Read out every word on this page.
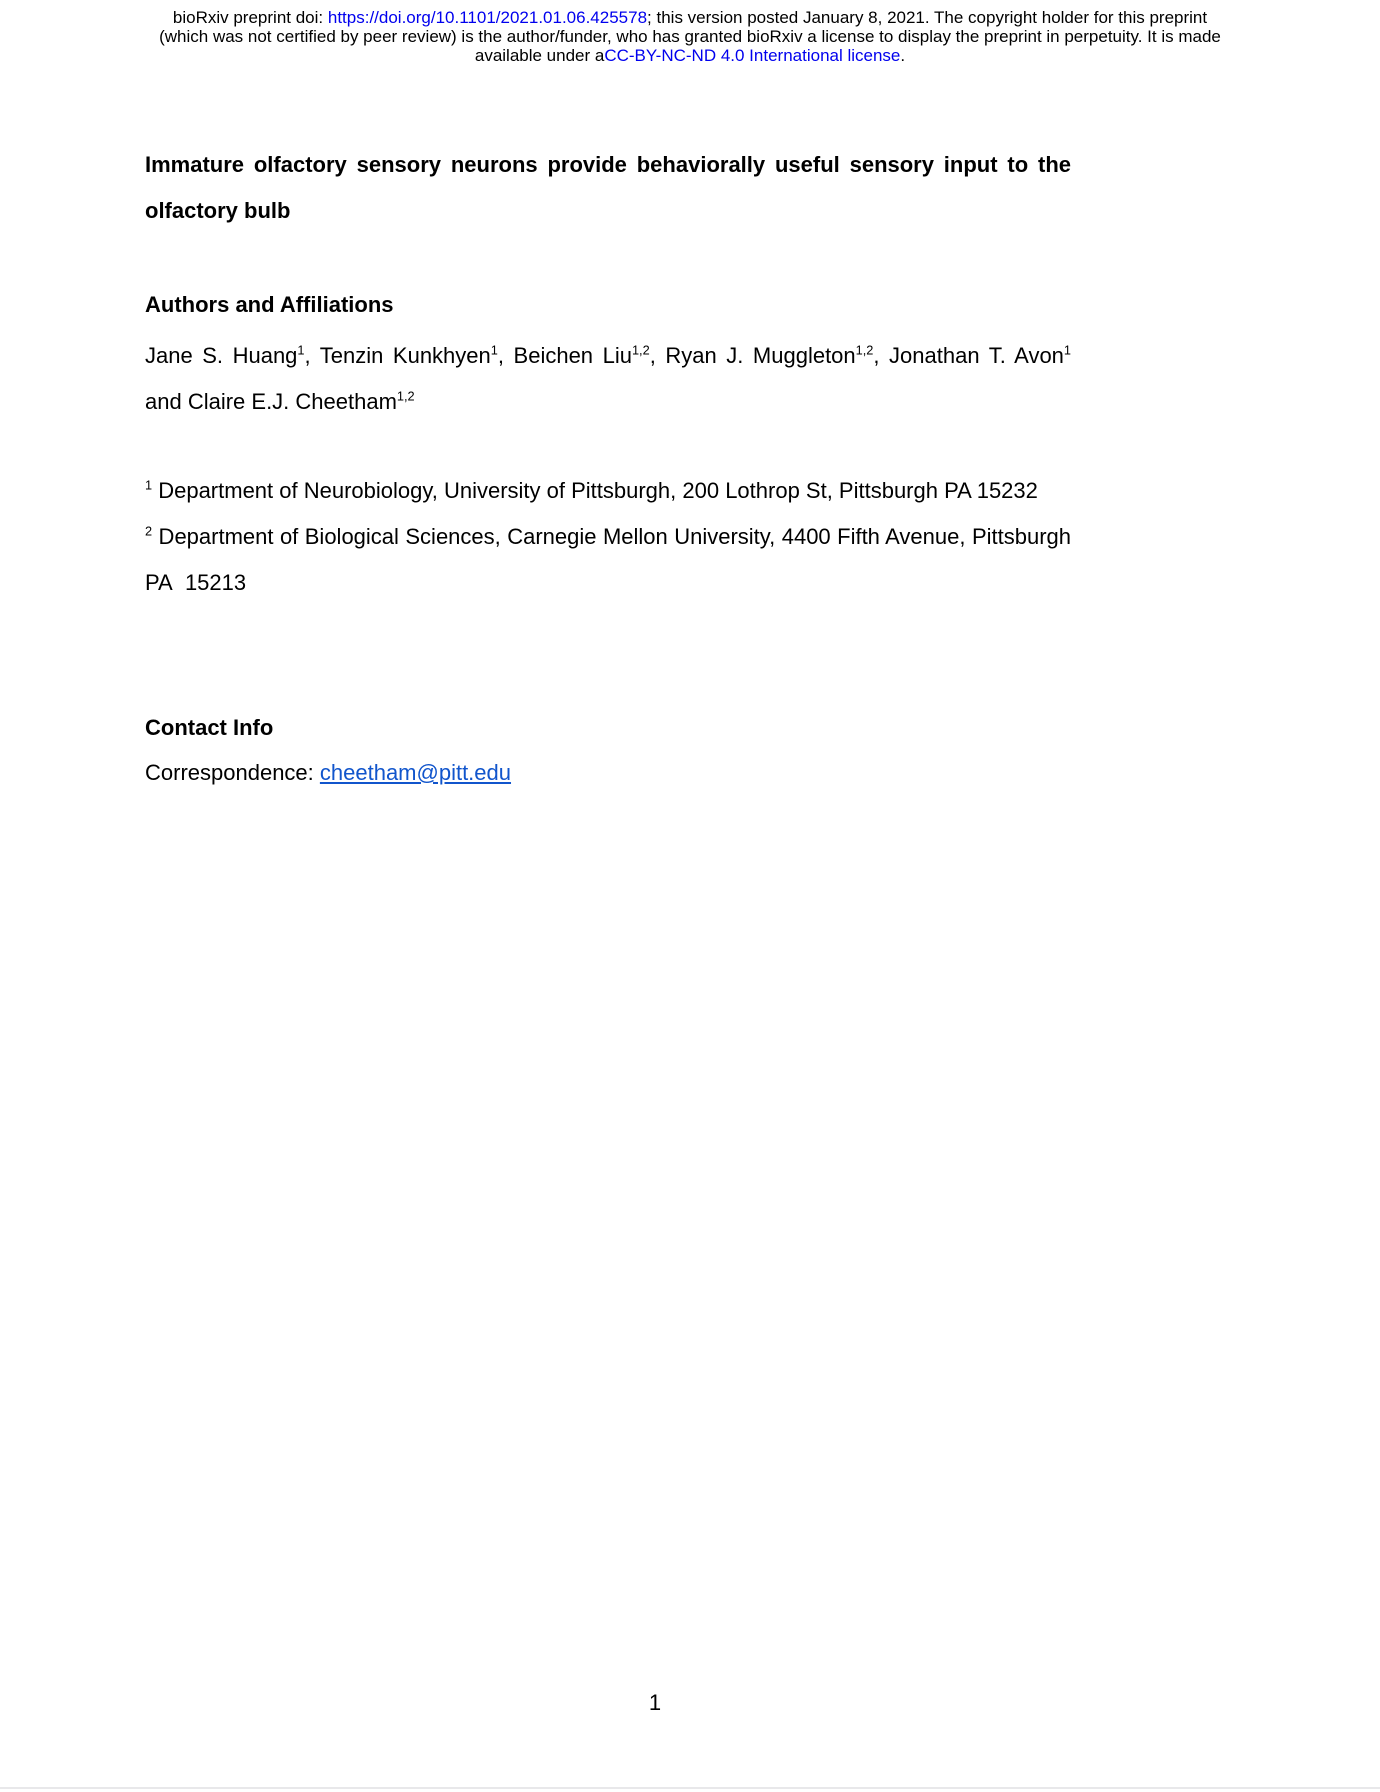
bioRxiv preprint doi: https://doi.org/10.1101/2021.01.06.425578; this version posted January 8, 2021. The copyright holder for this preprint
(which was not certified by peer review) is the author/funder, who has granted bioRxiv a license to display the preprint in perpetuity. It is made
available under aCC-BY-NC-ND 4.0 International license.
Immature olfactory sensory neurons provide behaviorally useful sensory input to the olfactory bulb
Authors and Affiliations
Jane S. Huang$^1$, Tenzin Kunkhyen$^1$, Beichen Liu$^{1,2}$, Ryan J. Muggleton$^{1,2}$, Jonathan T. Avon$^1$ and Claire E.J. Cheetham$^{1,2}$
$^1$ Department of Neurobiology, University of Pittsburgh, 200 Lothrop St, Pittsburgh PA 15232
$^2$ Department of Biological Sciences, Carnegie Mellon University, 4400 Fifth Avenue, Pittsburgh PA  15213
Contact Info
Correspondence: cheetham@pitt.edu
1
